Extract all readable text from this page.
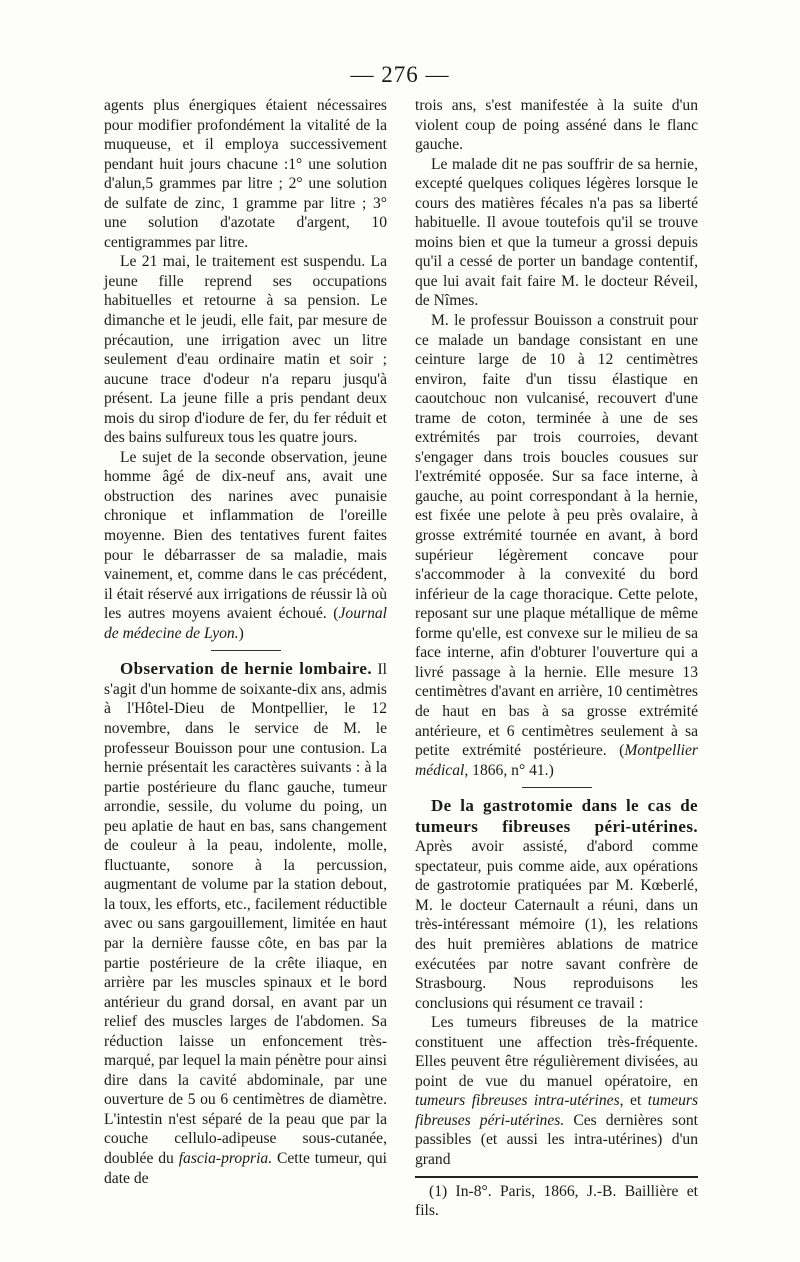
— 276 —

agents plus énergiques étaient nécessaires pour modifier profondément la vitalité de la muqueuse, et il employa successivement pendant huit jours chacune :1° une solution d'alun,5 grammes par litre ; 2° une solution de sulfate de zinc, 1 gramme par litre ; 3° une solution d'azotate d'argent, 10 centigrammes par litre.

Le 21 mai, le traitement est suspendu. La jeune fille reprend ses occupations habituelles et retourne à sa pension. Le dimanche et le jeudi, elle fait, par mesure de précaution, une irrigation avec un litre seulement d'eau ordinaire matin et soir ; aucune trace d'odeur n'a reparu jusqu'à présent. La jeune fille a pris pendant deux mois du sirop d'iodure de fer, du fer réduit et des bains sulfureux tous les quatre jours.

Le sujet de la seconde observation, jeune homme âgé de dix-neuf ans, avait une obstruction des narines avec punaisie chronique et inflammation de l'oreille moyenne. Bien des tentatives furent faites pour le débarrasser de sa maladie, mais vainement, et, comme dans le cas précédent, il était réservé aux irrigations de réussir là où les autres moyens avaient échoué. (Journal de médecine de Lyon.)

Observation de hernie lombaire. Il s'agit d'un homme de soixante-dix ans, admis à l'Hôtel-Dieu de Montpellier, le 12 novembre, dans le service de M. le professeur Bouisson pour une contusion. La hernie présentait les caractères suivants : à la partie postérieure du flanc gauche, tumeur arrondie, sessile, du volume du poing, un peu aplatie de haut en bas, sans changement de couleur à la peau, indolente, molle, fluctuante, sonore à la percussion, augmentant de volume par la station debout, la toux, les efforts, etc., facilement réductible avec ou sans gargouillement, limitée en haut par la dernière fausse côte, en bas par la partie postérieure de la crête iliaque, en arrière par les muscles spinaux et le bord antérieur du grand dorsal, en avant par un relief des muscles larges de l'abdomen. Sa réduction laisse un enfoncement très-marqué, par lequel la main pénètre pour ainsi dire dans la cavité abdominale, par une ouverture de 5 ou 6 centimètres de diamètre. L'intestin n'est séparé de la peau que par la couche cellulo-adipeuse sous-cutanée, doublée du fascia-propria. Cette tumeur, qui date de

trois ans, s'est manifestée à la suite d'un violent coup de poing asséné dans le flanc gauche.

Le malade dit ne pas souffrir de sa hernie, excepté quelques coliques légères lorsque le cours des matières fécales n'a pas sa liberté habituelle. Il avoue toutefois qu'il se trouve moins bien et que la tumeur a grossi depuis qu'il a cessé de porter un bandage contentif, que lui avait fait faire M. le docteur Réveil, de Nîmes.

M. le professur Bouisson a construit pour ce malade un bandage consistant en une ceinture large de 10 à 12 centimètres environ, faite d'un tissu élastique en caoutchouc non vulcanisé, recouvert d'une trame de coton, terminée à une de ses extrémités par trois courroies, devant s'engager dans trois boucles cousues sur l'extrémité opposée. Sur sa face interne, à gauche, au point correspondant à la hernie, est fixée une pelote à peu près ovalaire, à grosse extrémité tournée en avant, à bord supérieur légèrement concave pour s'accommoder à la convexité du bord inférieur de la cage thoracique. Cette pelote, reposant sur une plaque métallique de même forme qu'elle, est convexe sur le milieu de sa face interne, afin d'obturer l'ouverture qui a livré passage à la hernie. Elle mesure 13 centimètres d'avant en arrière, 10 centimètres de haut en bas à sa grosse extrémité antérieure, et 6 centimètres seulement à sa petite extrémité postérieure. (Montpellier médical, 1866, n° 41.)

De la gastrotomie dans le cas de tumeurs fibreuses péri-utérines. Après avoir assisté, d'abord comme spectateur, puis comme aide, aux opérations de gastrotomie pratiquées par M. Kœberlé, M. le docteur Caternault a réuni, dans un très-intéressant mémoire (1), les relations des huit premières ablations de matrice exécutées par notre savant confrère de Strasbourg. Nous reproduisons les conclusions qui résument ce travail :

Les tumeurs fibreuses de la matrice constituent une affection très-fréquente. Elles peuvent être régulièrement divisées, au point de vue du manuel opératoire, en tumeurs fibreuses intra-utérines, et tumeurs fibreuses péri-utérines. Ces dernières sont passibles (et aussi les intra-utérines) d'un grand

(1) In-8°. Paris, 1866, J.-B. Baillière et fils.
